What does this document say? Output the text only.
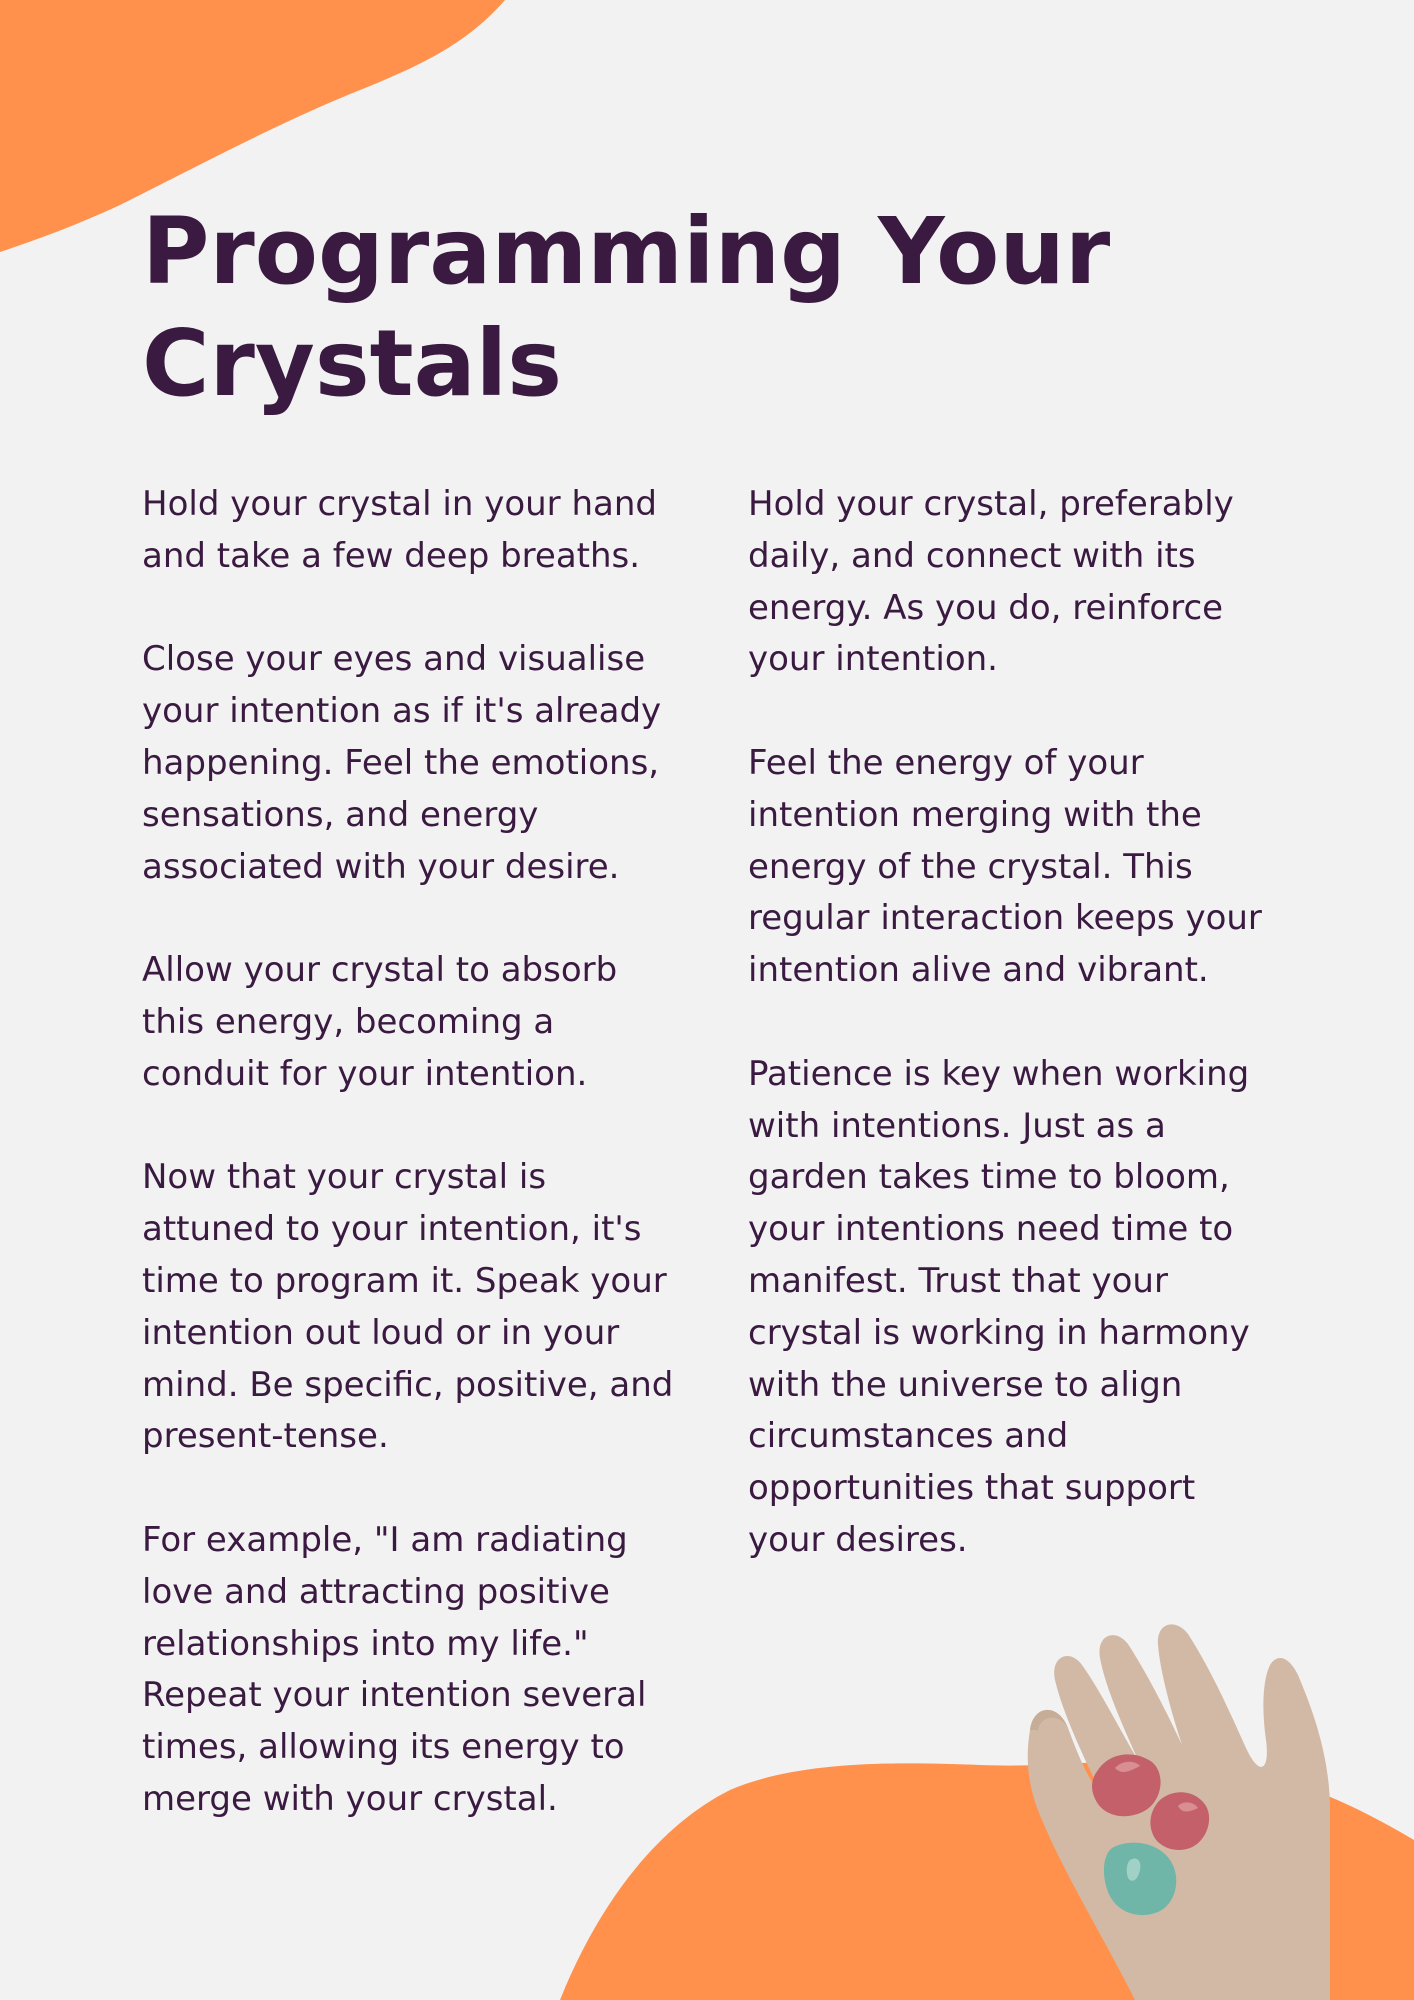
Programming Your Crystals

Hold your crystal in your hand and take a few deep breaths.

Close your eyes and visualise your intention as if it's already happening. Feel the emotions, sensations, and energy associated with your desire.

Allow your crystal to absorb this energy, becoming a conduit for your intention.

Now that your crystal is attuned to your intention, it's time to program it. Speak your intention out loud or in your mind. Be specific, positive, and present-tense.

For example, "I am radiating love and attracting positive relationships into my life." Repeat your intention several times, allowing its energy to merge with your crystal.

Hold your crystal, preferably daily, and connect with its energy. As you do, reinforce your intention.

Feel the energy of your intention merging with the energy of the crystal. This regular interaction keeps your intention alive and vibrant.

Patience is key when working with intentions. Just as a garden takes time to bloom, your intentions need time to manifest. Trust that your crystal is working in harmony with the universe to align circumstances and opportunities that support your desires.
